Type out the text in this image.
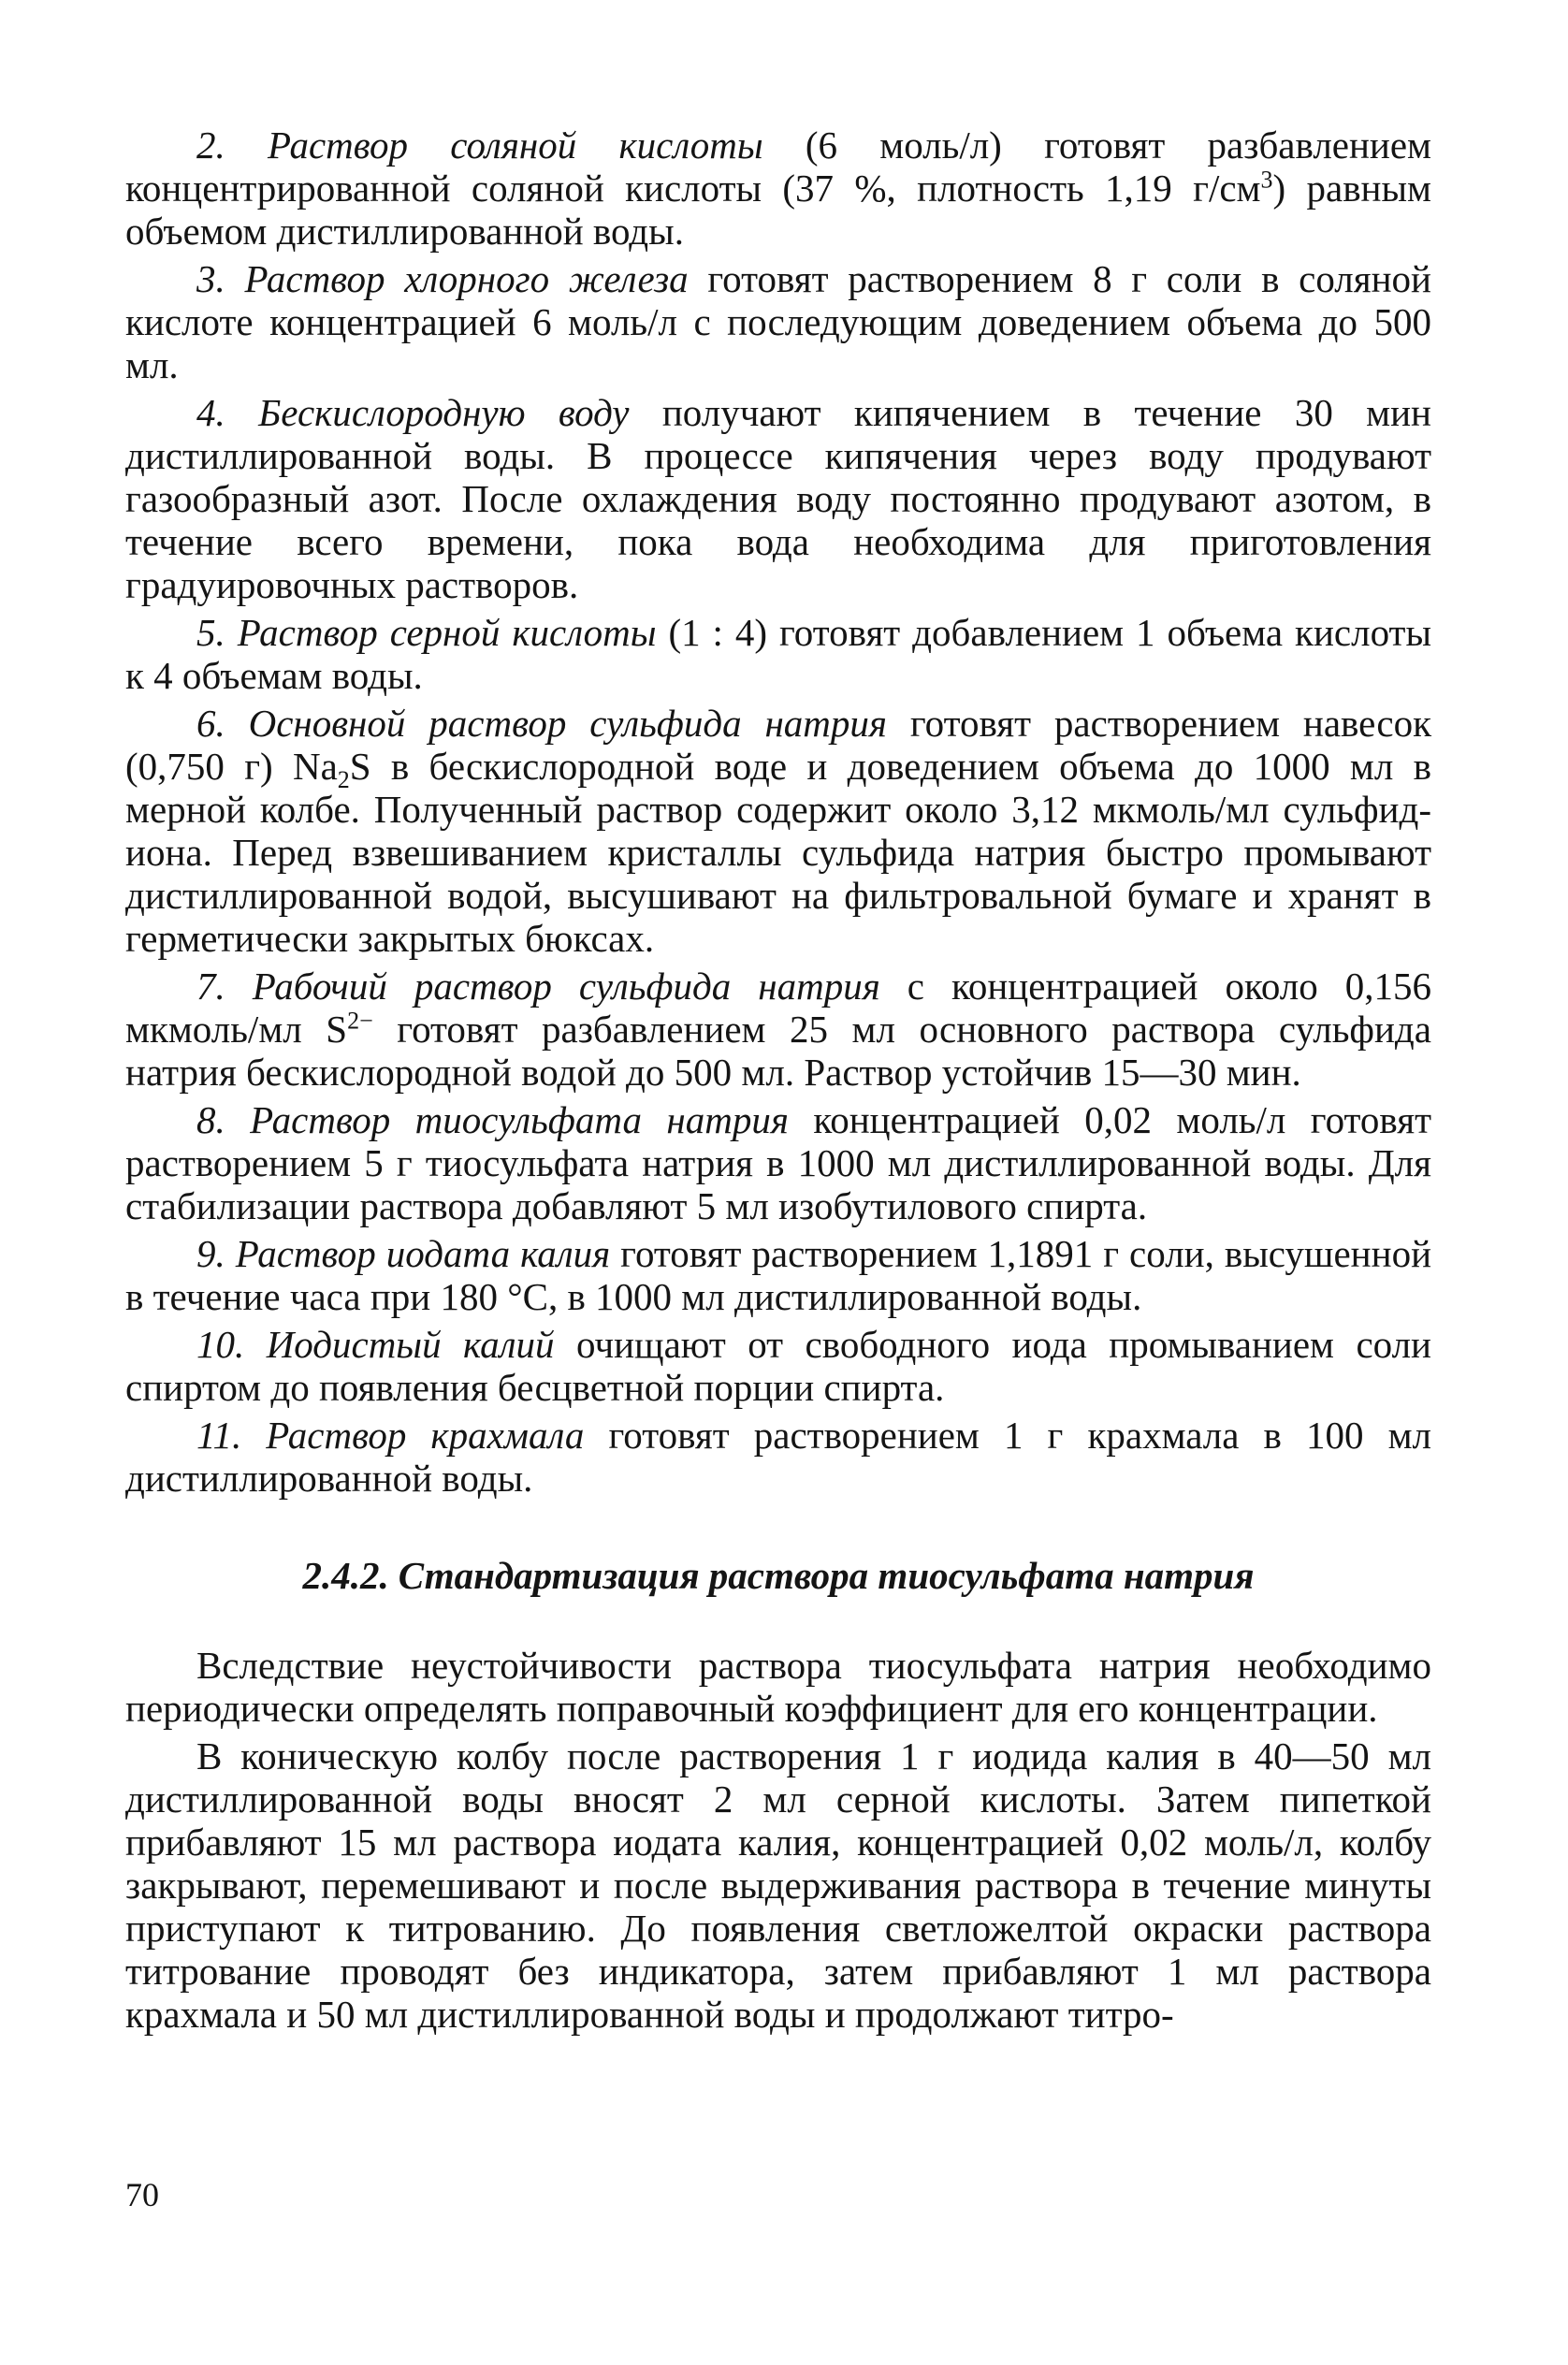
2. Раствор соляной кислоты (6 моль/л) готовят разбавлением концентрированной соляной кислоты (37 %, плотность 1,19 $г/см^3$) равным объемом дистиллированной воды.

3. Раствор хлорного железа готовят растворением 8 г соли в соляной кислоте концентрацией 6 моль/л с последующим доведением объема до 500 мл.

4. Бескислородную воду получают кипячением в течение 30 мин дистиллированной воды. В процессе кипячения через воду продувают газообразный азот. После охлаждения воду постоянно продувают азотом, в течение всего времени, пока вода необходима для приготовления градуировочных растворов.

5. Раствор серной кислоты (1 : 4) готовят добавлением 1 объема кислоты к 4 объемам воды.

6. Основной раствор сульфида натрия готовят растворением навесок (0,750 г) $Na_2S$ в бескислородной воде и доведением объема до 1000 мл в мерной колбе. Полученный раствор содержит около 3,12 мкмоль/мл сульфид-иона. Перед взвешиванием кристаллы сульфида натрия быстро промывают дистиллированной водой, высушивают на фильтровальной бумаге и хранят в герметически закрытых бюксах.

7. Рабочий раствор сульфида натрия с концентрацией около 0,156 мкмоль/мл $S^{2-}$ готовят разбавлением 25 мл основного раствора сульфида натрия бескислородной водой до 500 мл. Раствор устойчив 15—30 мин.

8. Раствор тиосульфата натрия концентрацией 0,02 моль/л готовят растворением 5 г тиосульфата натрия в 1000 мл дистиллированной воды. Для стабилизации раствора добавляют 5 мл изобутилового спирта.

9. Раствор иодата калия готовят растворением 1,1891 г соли, высушенной в течение часа при 180 °С, в 1000 мл дистиллированной воды.

10. Иодистый калий очищают от свободного иода промыванием соли спиртом до появления бесцветной порции спирта.

11. Раствор крахмала готовят растворением 1 г крахмала в 100 мл дистиллированной воды.

2.4.2. Стандартизация раствора тиосульфата натрия

Вследствие неустойчивости раствора тиосульфата натрия необходимо периодически определять поправочный коэффициент для его концентрации.

В коническую колбу после растворения 1 г иодида калия в 40—50 мл дистиллированной воды вносят 2 мл серной кислоты. Затем пипеткой прибавляют 15 мл раствора иодата калия, концентрацией 0,02 моль/л, колбу закрывают, перемешивают и после выдерживания раствора в течение минуты приступают к титрованию. До появления светложелтой окраски раствора титрование проводят без индикатора, затем прибавляют 1 мл раствора крахмала и 50 мл дистиллированной воды и продолжают титро-

70
